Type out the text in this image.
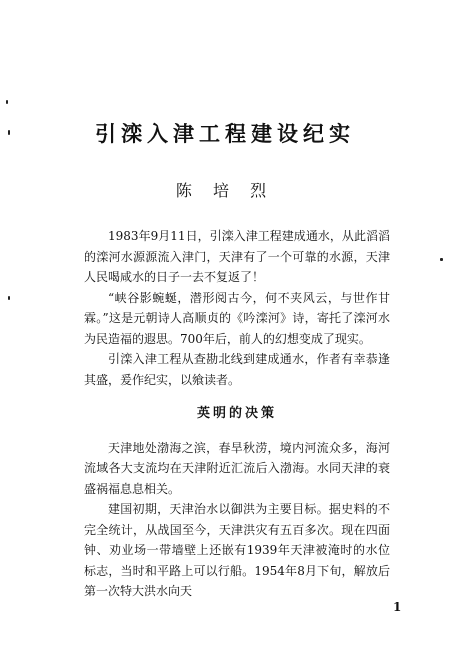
引滦入津工程建设纪实
陈 培 烈

1983年9月11日，引滦入津工程建成通水，从此滔滔的滦河水源源流入津门，天津有了一个可靠的水源，天津人民喝咸水的日子一去不复返了！

“峡谷影蜿蜒，潜形阅古今，何不夹风云，与世作甘霖。”这是元朝诗人高顺贞的《吟滦河》诗，寄托了滦河水为民造福的遐思。700年后，前人的幻想变成了现实。

引滦入津工程从查勘北线到建成通水，作者有幸恭逢其盛，爰作纪实，以飨读者。

英明的决策

天津地处渤海之滨，春旱秋涝，境内河流众多，海河流域各大支流均在天津附近汇流后入渤海。水同天津的衰盛祸福息息相关。

建国初期，天津治水以御洪为主要目标。据史料的不完全统计，从战国至今，天津洪灾有五百多次。现在四面钟、劝业场一带墙壁上还嵌有1939年天津被淹时的水位标志，当时和平路上可以行船。1954年8月下旬，解放后第一次特大洪水向天

1
